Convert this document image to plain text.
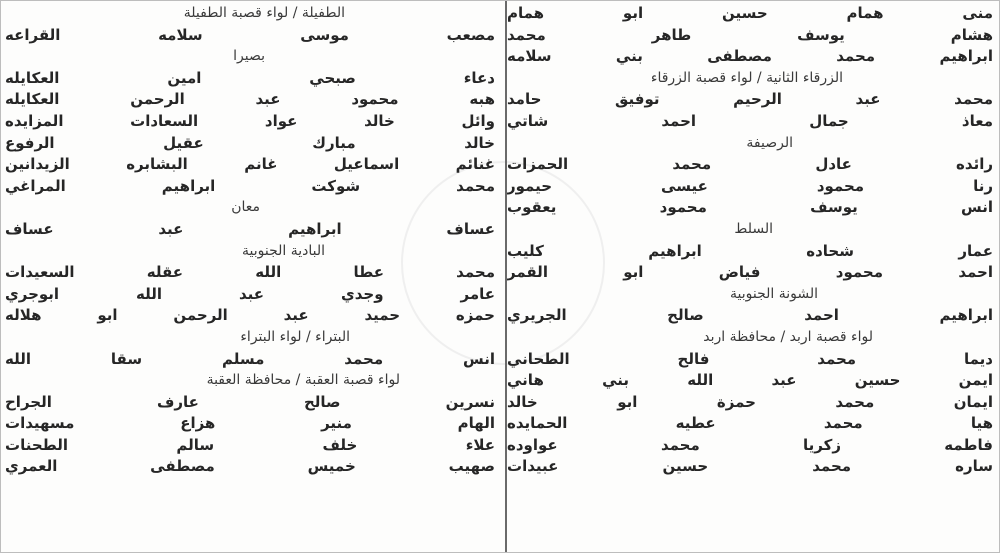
منى همام حسين ابو همام
هشام يوسف طاهر محمد
ابراهيم محمد مصطفى بني سلامه
الزرقاء الثانية / لواء قصبة الزرقاء
محمد عبد الرحيم توفيق حامد
معاذ جمال احمد شاتي
الرصيفة
رائده عادل محمد الحمزات
رنا محمود عيسى حيمور
انس يوسف محمود يعقوب
السلط
عمار شحاده ابراهيم كليب
احمد محمود فياض ابو القمر
الشونة الجنوبية
ابراهيم احمد صالح الجريري
لواء قصبة اربد / محافظة اربد
ديما محمد فالح الطحاني
ايمن حسين عبد الله بني هاني
ايمان محمد حمزة ابو خالد
هيا محمد عطيه الحمايده
فاطمه زكريا محمد عواوده
ساره محمد حسين عبيدات
الطفيلة / لواء قصبة الطفيلة
مصعب موسى سلامه القراعه
بصيرا
دعاء صبحي امين العكايله
هبه محمود عبد الرحمن العكايله
وائل خالد عواد السعادات المزايده
خالد مبارك عقيل الرفوع
غنائم اسماعيل غانم البشابره الزيدانين
محمد شوكت ابراهيم المراغي
معان
عساف ابراهيم عبد عساف
البادية الجنوبية
محمد عطا الله عقله السعيدات
عامر وجدي عبد الله ابوجري
حمزه حميد عبد الرحمن ابو هلاله
البتراء / لواء البتراء
انس محمد مسلم سقا الله
لواء قصبة العقبة / محافظة العقبة
نسرين صالح عارف الجراح
الهام منير هزاع مسهيدات
علاء خلف سالم الطحنات
صهيب خميس مصطفى العمري
